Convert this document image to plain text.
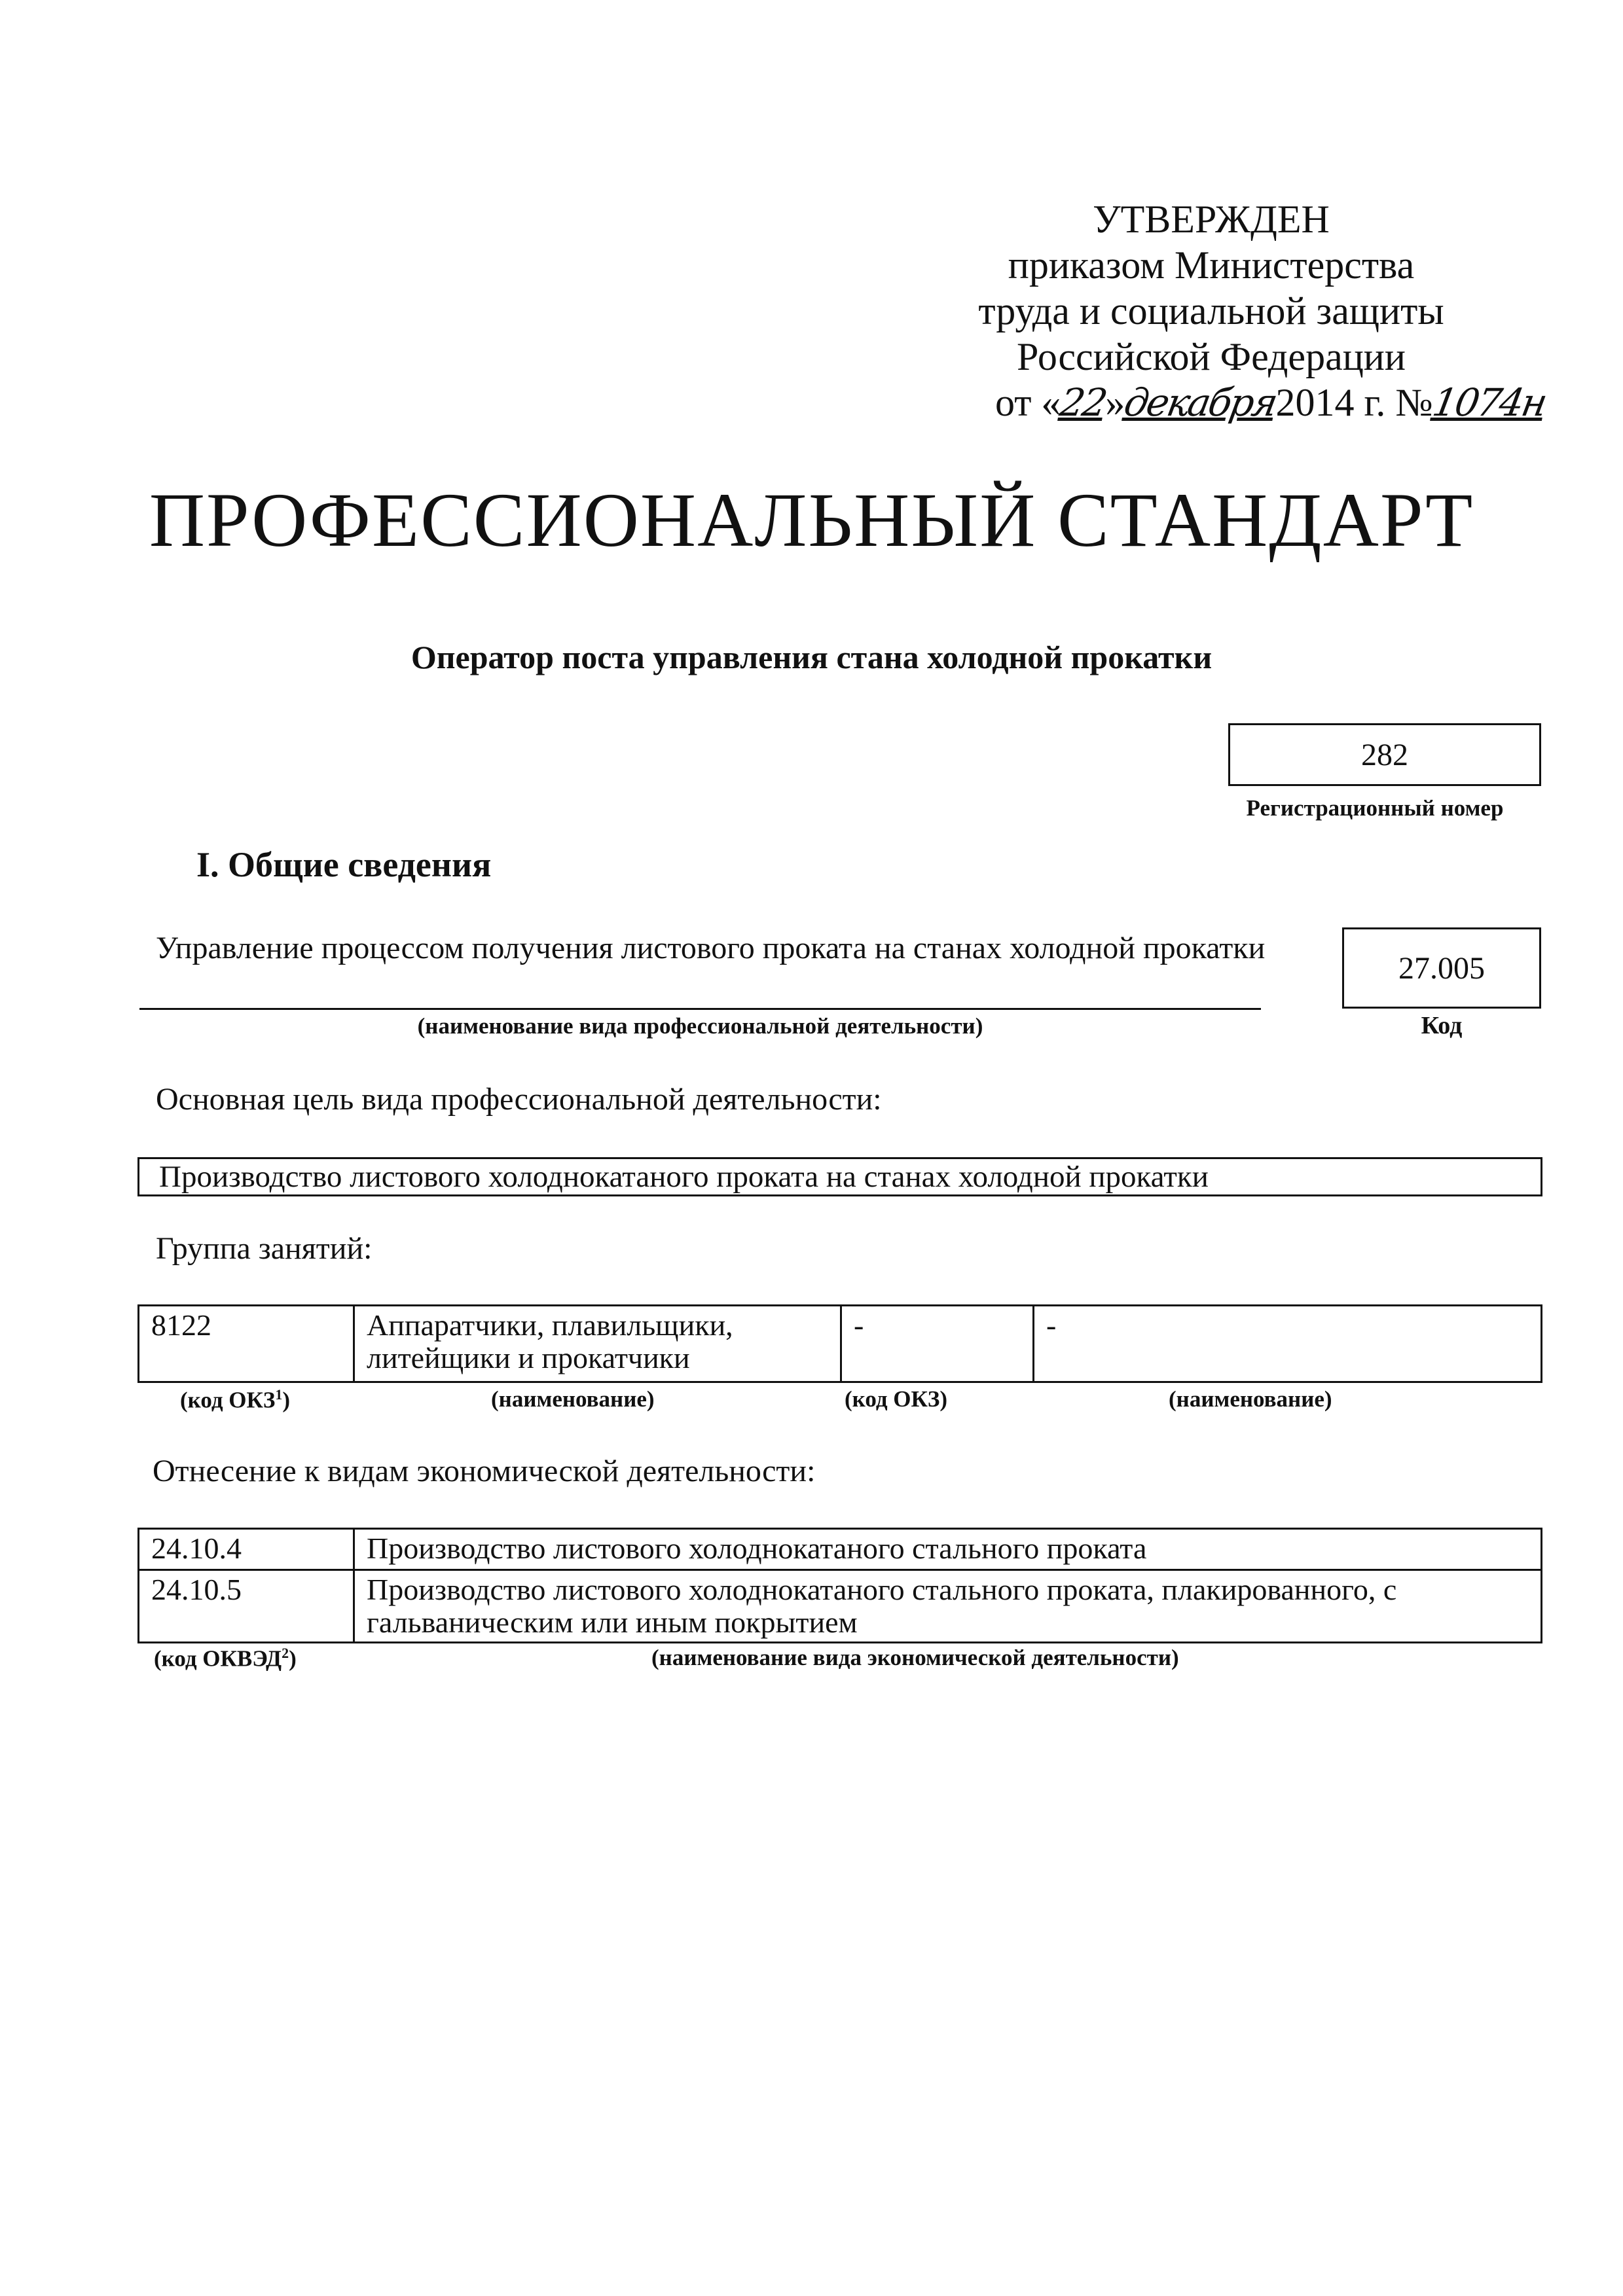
УТВЕРЖДЕН
приказом Министерства
труда и социальной защиты
Российской Федерации
от «22»декабря2014 г. №1074н
ПРОФЕССИОНАЛЬНЫЙ СТАНДАРТ
Оператор поста управления стана холодной прокатки
282
Регистрационный номер
I. Общие сведения
Управление процессом получения листового проката на станах холодной прокатки
(наименование вида профессиональной деятельности)
27.005
Код
Основная цель вида профессиональной деятельности:
Производство листового холоднокатаного проката на станах холодной прокатки
Группа занятий:
8122	Аппаратчики, плавильщики, литейщики и прокатчики	-	-
(код ОКЗ$^1$)	(наименование)	(код ОКЗ)	(наименование)
Отнесение к видам экономической деятельности:
24.10.4	Производство листового холоднокатаного стального проката
24.10.5	Производство листового холоднокатаного стального проката, плакированного, с гальваническим или иным покрытием
(код ОКВЭД$^2$)	(наименование вида экономической деятельности)
